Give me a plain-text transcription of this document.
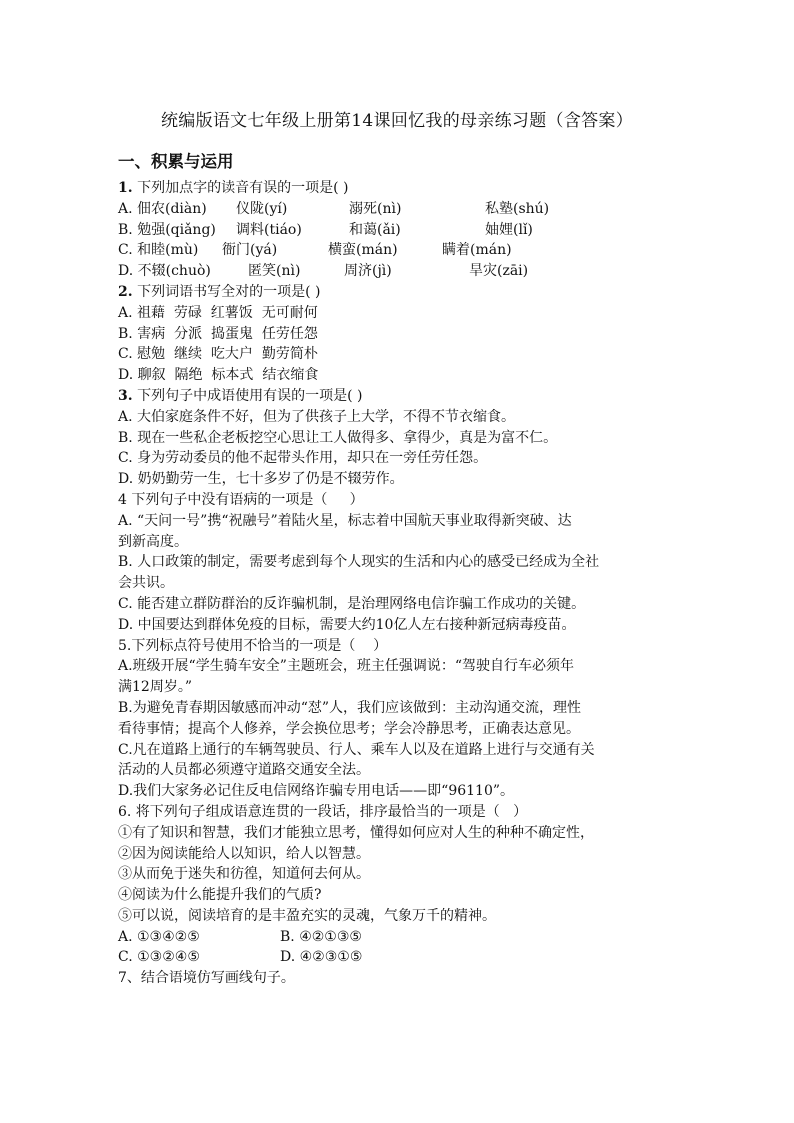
统编版语文七年级上册第14课回忆我的母亲练习题（含答案）
一、积累与运用
1. 下列加点字的读音有误的一项是( )
A. 佃农(diàn)	仪陇(yí)	溺死(nì)	私塾(shú)
B. 勉强(qiǎng)	调料(tiáo)	和蔼(ǎi)	妯娌(lǐ)
C. 和睦(mù)	衙门(yá)	横蛮(mán)	瞒着(mán)
D. 不辍(chuò)	匿笑(nì)	周济(jì)	旱灾(zāi)
2. 下列词语书写全对的一项是( )
A. 祖藉  劳碌  红薯饭  无可耐何
B. 害病  分派  捣蛋鬼  任劳任怨
C. 慰勉  继续  吃大户  勤劳简朴
D. 聊叙  隔绝  标本式  结衣缩食
3. 下列句子中成语使用有误的一项是( )
A. 大伯家庭条件不好，但为了供孩子上大学，不得不节衣缩食。
B. 现在一些私企老板挖空心思让工人做得多、拿得少，真是为富不仁。
C. 身为劳动委员的他不起带头作用，却只在一旁任劳任怨。
D. 奶奶勤劳一生，七十多岁了仍是不辍劳作。
4 下列句子中没有语病的一项是（     ）
A. “天问一号”携“祝融号”着陆火星，标志着中国航天事业取得新突破、达
到新高度。
B. 人口政策的制定，需要考虑到每个人现实的生活和内心的感受已经成为全社
会共识。
C. 能否建立群防群治的反诈骗机制，是治理网络电信诈骗工作成功的关键。
D. 中国要达到群体免疫的目标，需要大约10亿人左右接种新冠病毒疫苗。
5.下列标点符号使用不恰当的一项是（    ）
A.班级开展“学生骑车安全”主题班会，班主任强调说：“驾驶自行车必须年
满12周岁。”
B.为避免青春期因敏感而冲动“怼”人，我们应该做到：主动沟通交流，理性
看待事情；提高个人修养，学会换位思考；学会冷静思考，正确表达意见。
C.凡在道路上通行的车辆驾驶员、行人、乘车人以及在道路上进行与交通有关
活动的人员都必须遵守道路交通安全法。
D.我们大家务必记住反电信网络诈骗专用电话——即“96110”。
6. 将下列句子组成语意连贯的一段话，排序最恰当的一项是（   ）
①有了知识和智慧，我们才能独立思考，懂得如何应对人生的种种不确定性，
②因为阅读能给人以知识，给人以智慧。
③从而免于迷失和彷徨，知道何去何从。
④阅读为什么能提升我们的气质?
⑤可以说，阅读培育的是丰盈充实的灵魂，气象万千的精神。
A. ①③④②⑤	B. ④②①③⑤
C. ①③②④⑤	D. ④②③①⑤
7、结合语境仿写画线句子。
